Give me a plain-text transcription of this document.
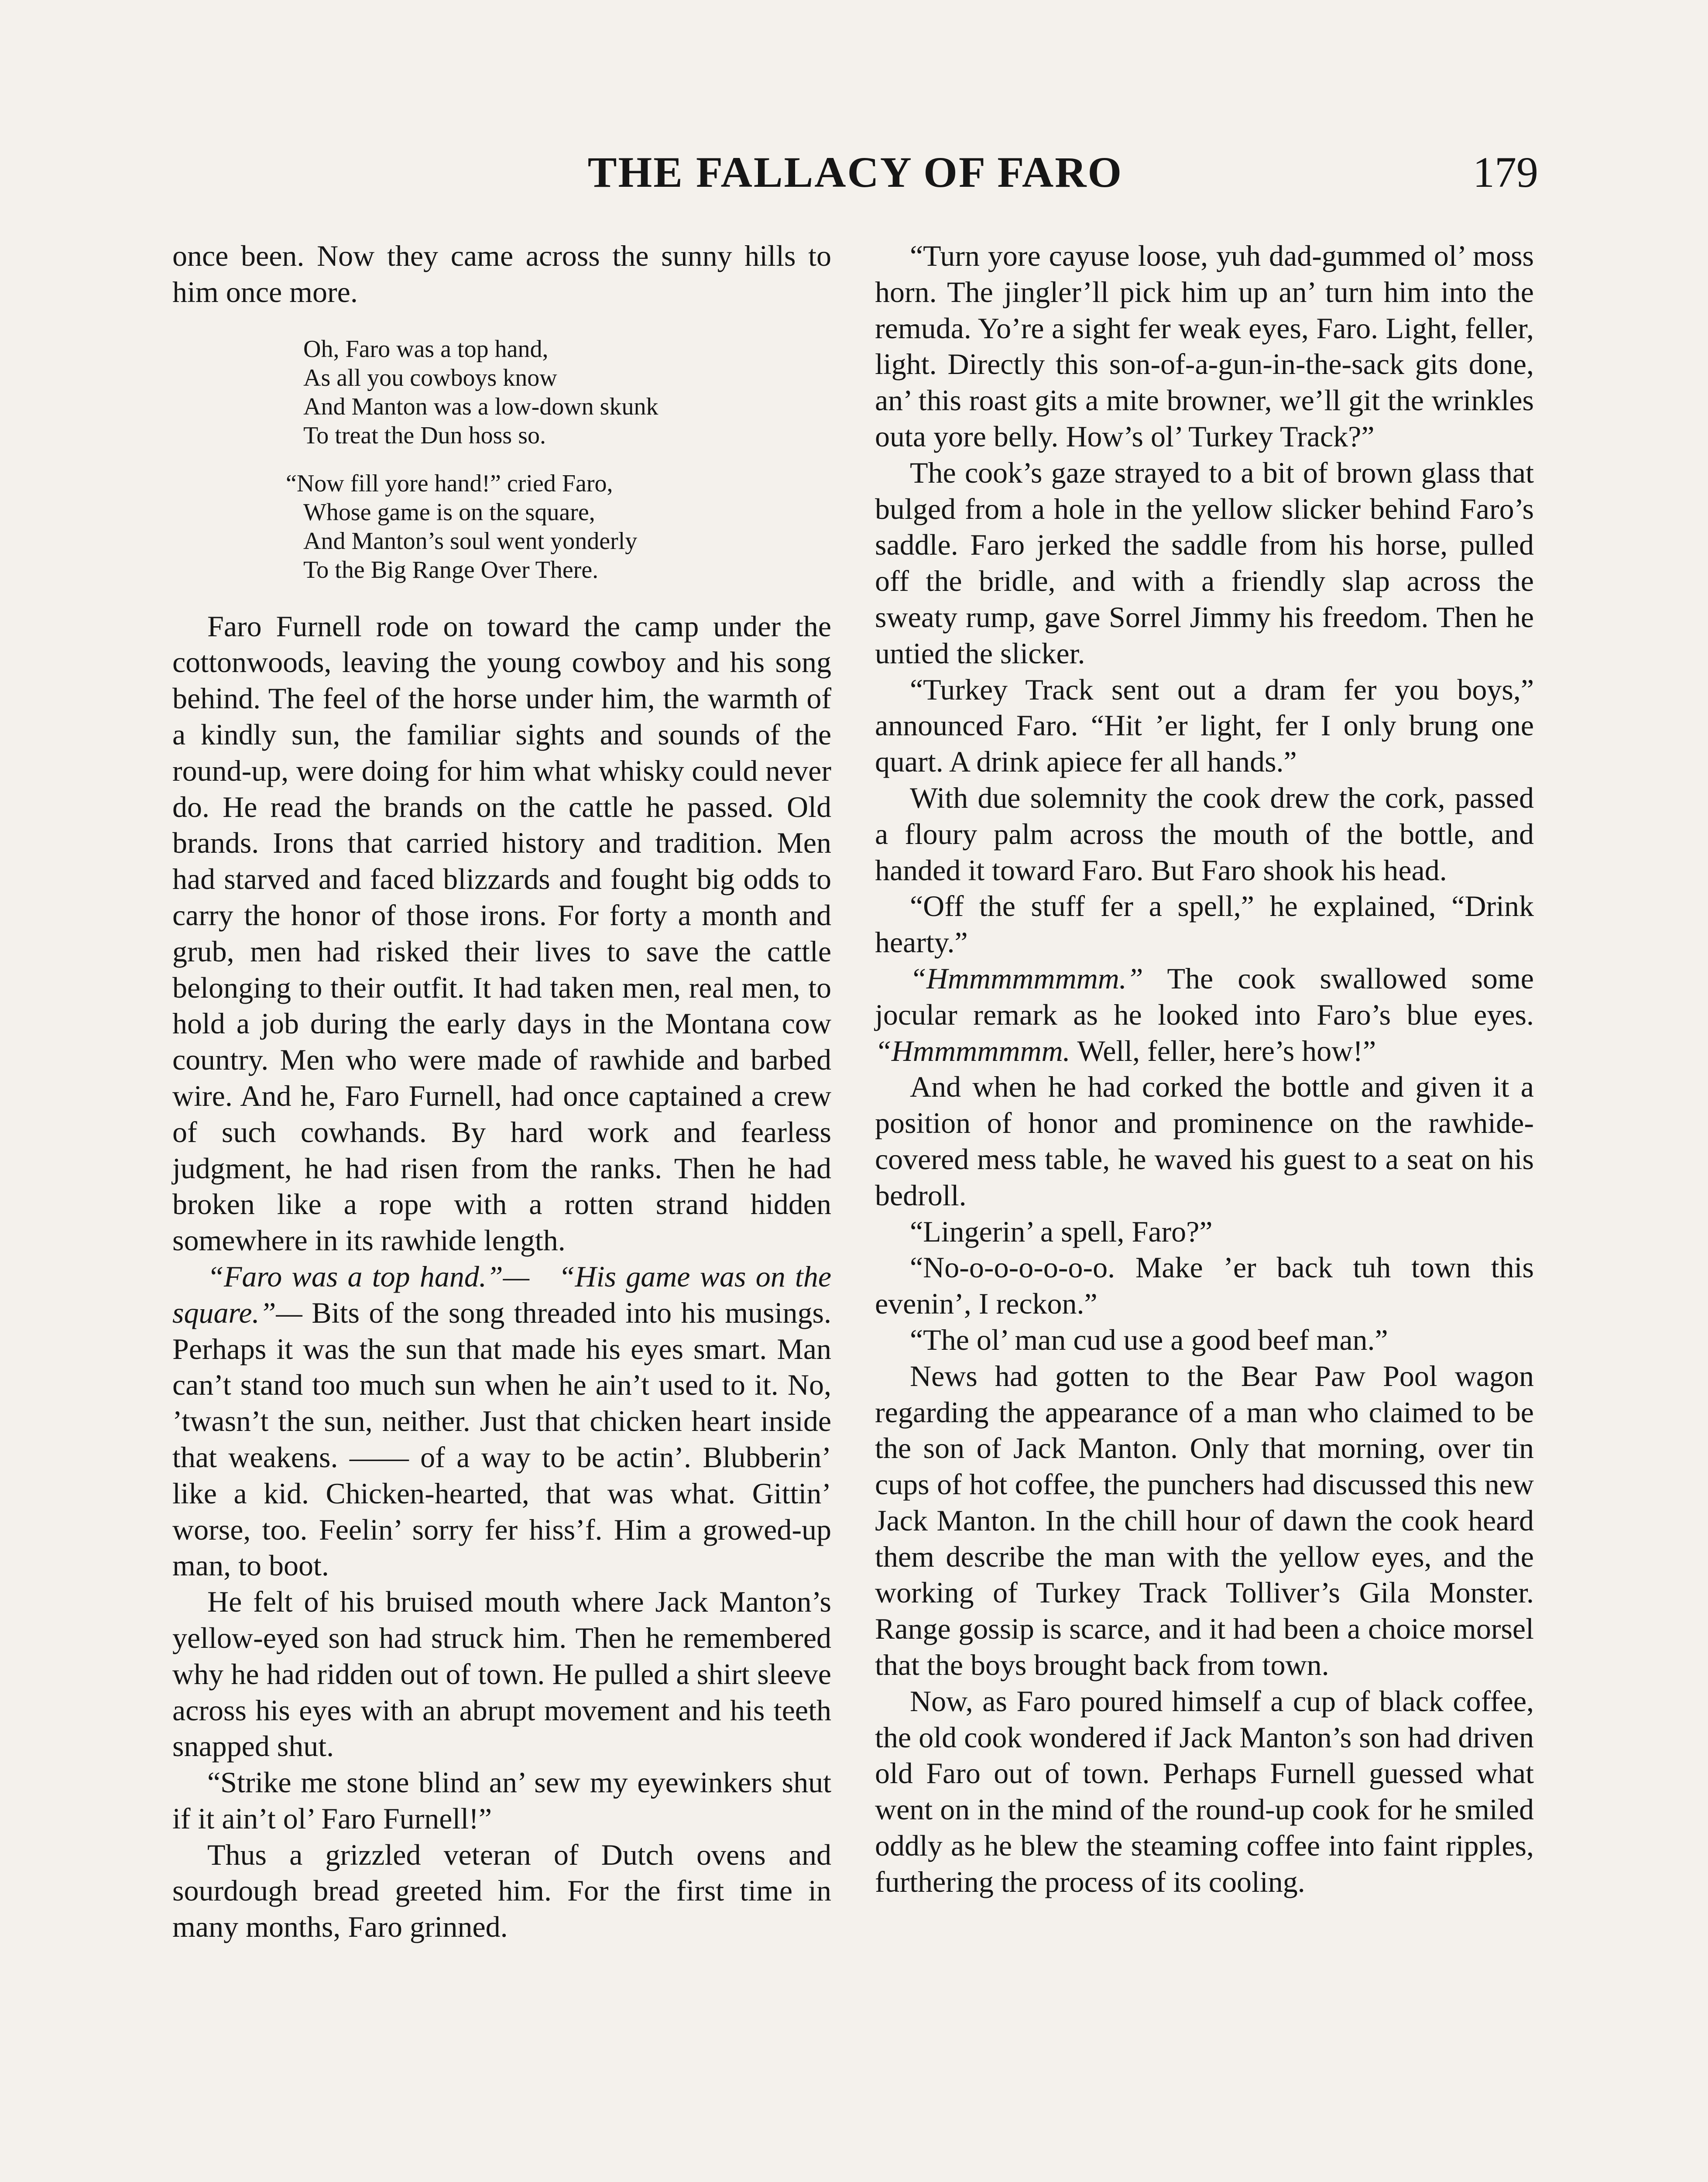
THE FALLACY OF FARO	179

once been. Now they came across the sunny hills to him once more.

Oh, Faro was a top hand,
As all you cowboys know
And Manton was a low-down skunk
To treat the Dun hoss so.
“Now fill yore hand!” cried Faro,
Whose game is on the square,
And Manton’s soul went yonderly
To the Big Range Over There.

Faro Furnell rode on toward the camp under the cottonwoods, leaving the young cowboy and his song behind. The feel of the horse under him, the warmth of a kindly sun, the familiar sights and sounds of the round-up, were doing for him what whisky could never do. He read the brands on the cattle he passed. Old brands. Irons that carried history and tradition. Men had starved and faced blizzards and fought big odds to carry the honor of those irons. For forty a month and grub, men had risked their lives to save the cattle belonging to their outfit. It had taken men, real men, to hold a job during the early days in the Montana cow country. Men who were made of rawhide and barbed wire. And he, Faro Furnell, had once captained a crew of such cowhands. By hard work and fearless judgment, he had risen from the ranks. Then he had broken like a rope with a rotten strand hidden somewhere in its rawhide length.

“Faro was a top hand.”— “His game was on the square.”— Bits of the song threaded into his musings. Perhaps it was the sun that made his eyes smart. Man can’t stand too much sun when he ain’t used to it. No, ’twasn’t the sun, neither. Just that chicken heart inside that weakens. —— of a way to be actin’. Blubberin’ like a kid. Chicken-hearted, that was what. Gittin’ worse, too. Feelin’ sorry fer hiss’f. Him a growed-up man, to boot.

He felt of his bruised mouth where Jack Manton’s yellow-eyed son had struck him. Then he remembered why he had ridden out of town. He pulled a shirt sleeve across his eyes with an abrupt movement and his teeth snapped shut.

“Strike me stone blind an’ sew my eyewinkers shut if it ain’t ol’ Faro Furnell!”

Thus a grizzled veteran of Dutch ovens and sourdough bread greeted him. For the first time in many months, Faro grinned.

“Turn yore cayuse loose, yuh dad-gummed ol’ moss horn. The jingler’ll pick him up an’ turn him into the remuda. Yo’re a sight fer weak eyes, Faro. Light, feller, light. Directly this son-of-a-gun-in-the-sack gits done, an’ this roast gits a mite browner, we’ll git the wrinkles outa yore belly. How’s ol’ Turkey Track?”

The cook’s gaze strayed to a bit of brown glass that bulged from a hole in the yellow slicker behind Faro’s saddle. Faro jerked the saddle from his horse, pulled off the bridle, and with a friendly slap across the sweaty rump, gave Sorrel Jimmy his freedom. Then he untied the slicker.

“Turkey Track sent out a dram fer you boys,” announced Faro. “Hit ’er light, fer I only brung one quart. A drink apiece fer all hands.”

With due solemnity the cook drew the cork, passed a floury palm across the mouth of the bottle, and handed it toward Faro. But Faro shook his head.

“Off the stuff fer a spell,” he explained, “Drink hearty.”

“Hmmmmmmmm.” The cook swallowed some jocular remark as he looked into Faro’s blue eyes. “Hmmmmmmm. Well, feller, here’s how!”

And when he had corked the bottle and given it a position of honor and prominence on the rawhide-covered mess table, he waved his guest to a seat on his bedroll.

“Lingerin’ a spell, Faro?”

“No-o-o-o-o-o-o. Make ’er back tuh town this evenin’, I reckon.”

“The ol’ man cud use a good beef man.”

News had gotten to the Bear Paw Pool wagon regarding the appearance of a man who claimed to be the son of Jack Manton. Only that morning, over tin cups of hot coffee, the punchers had discussed this new Jack Manton. In the chill hour of dawn the cook heard them describe the man with the yellow eyes, and the working of Turkey Track Tolliver’s Gila Monster. Range gossip is scarce, and it had been a choice morsel that the boys brought back from town.

Now, as Faro poured himself a cup of black coffee, the old cook wondered if Jack Manton’s son had driven old Faro out of town. Perhaps Furnell guessed what went on in the mind of the round-up cook for he smiled oddly as he blew the steaming coffee into faint ripples, furthering the process of its cooling.
